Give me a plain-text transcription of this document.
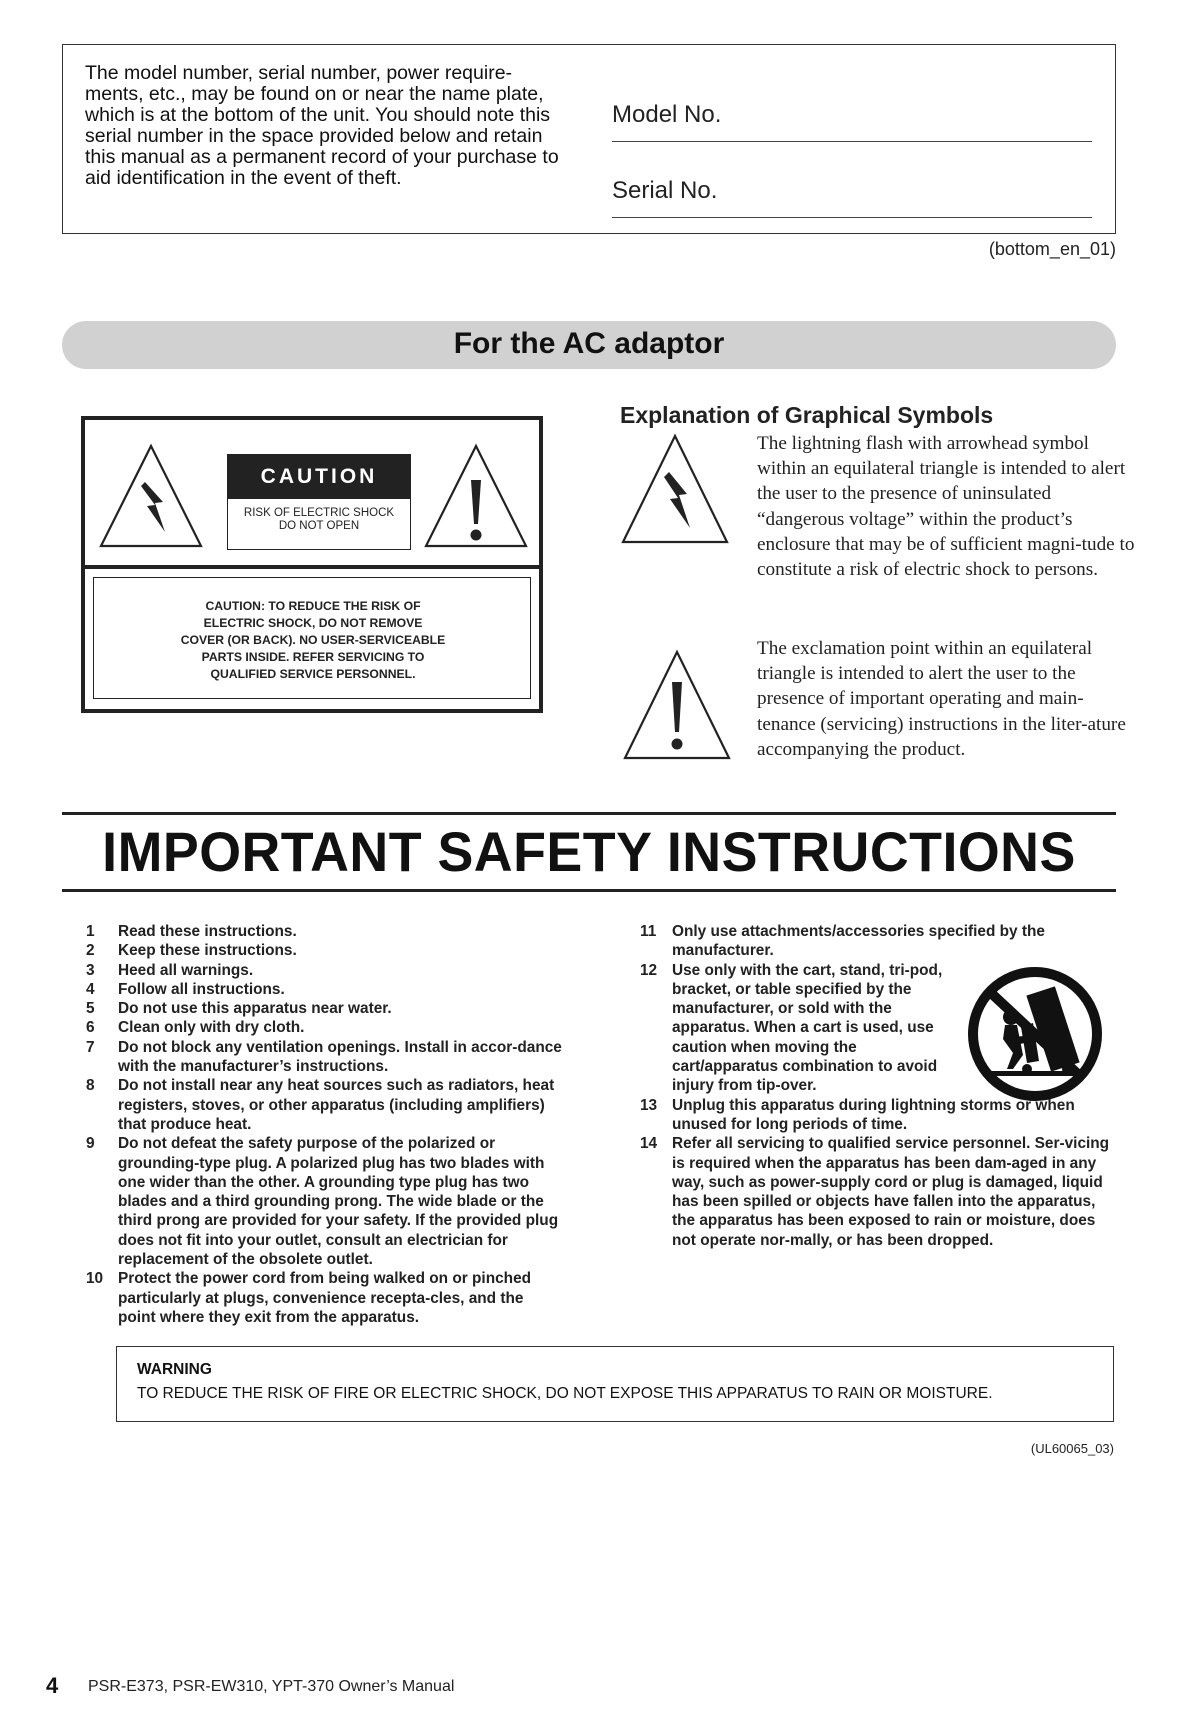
The model number, serial number, power require-ments, etc., may be found on or near the name plate, which is at the bottom of the unit. You should note this serial number in the space provided below and retain this manual as a permanent record of your purchase to aid identification in the event of theft.
Model No.
Serial No.
(bottom_en_01)
For the AC adaptor
CAUTION
RISK OF ELECTRIC SHOCK
DO NOT OPEN
CAUTION: TO REDUCE THE RISK OF
ELECTRIC SHOCK, DO NOT REMOVE
COVER (OR BACK). NO USER-SERVICEABLE
PARTS INSIDE. REFER SERVICING TO
QUALIFIED SERVICE PERSONNEL.
Explanation of Graphical Symbols
The lightning flash with arrowhead symbol within an equilateral triangle is intended to alert the user to the presence of uninsulated “dangerous voltage” within the product’s enclosure that may be of sufficient magni-tude to constitute a risk of electric shock to persons.
The exclamation point within an equilateral triangle is intended to alert the user to the presence of important operating and main-tenance (servicing) instructions in the liter-ature accompanying the product.
IMPORTANT SAFETY INSTRUCTIONS
1	Read these instructions.
2	Keep these instructions.
3	Heed all warnings.
4	Follow all instructions.
5	Do not use this apparatus near water.
6	Clean only with dry cloth.
7	Do not block any ventilation openings. Install in accor-dance with the manufacturer’s instructions.
8	Do not install near any heat sources such as radiators, heat registers, stoves, or other apparatus (including amplifiers) that produce heat.
9	Do not defeat the safety purpose of the polarized or grounding-type plug. A polarized plug has two blades with one wider than the other. A grounding type plug has two blades and a third grounding prong. The wide blade or the third prong are provided for your safety. If the provided plug does not fit into your outlet, consult an electrician for replacement of the obsolete outlet.
10 Protect the power cord from being walked on or pinched particularly at plugs, convenience recepta-cles, and the point where they exit from the apparatus.
11	Only use attachments/accessories specified by the manufacturer.
12 Use only with the cart, stand, tri-pod, bracket, or table specified by the manufacturer, or sold with the apparatus. When a cart is used, use caution when moving the cart/apparatus combination to avoid injury from tip-over.
13 Unplug this apparatus during lightning storms or when unused for long periods of time.
14 Refer all servicing to qualified service personnel. Ser-vicing is required when the apparatus has been dam-aged in any way, such as power-supply cord or plug is damaged, liquid has been spilled or objects have fallen into the apparatus, the apparatus has been exposed to rain or moisture, does not operate nor-mally, or has been dropped.
WARNING
TO REDUCE THE RISK OF FIRE OR ELECTRIC SHOCK, DO NOT EXPOSE THIS APPARATUS TO RAIN OR MOISTURE.
(UL60065_03)
4 PSR-E373, PSR-EW310, YPT-370 Owner’s Manual
